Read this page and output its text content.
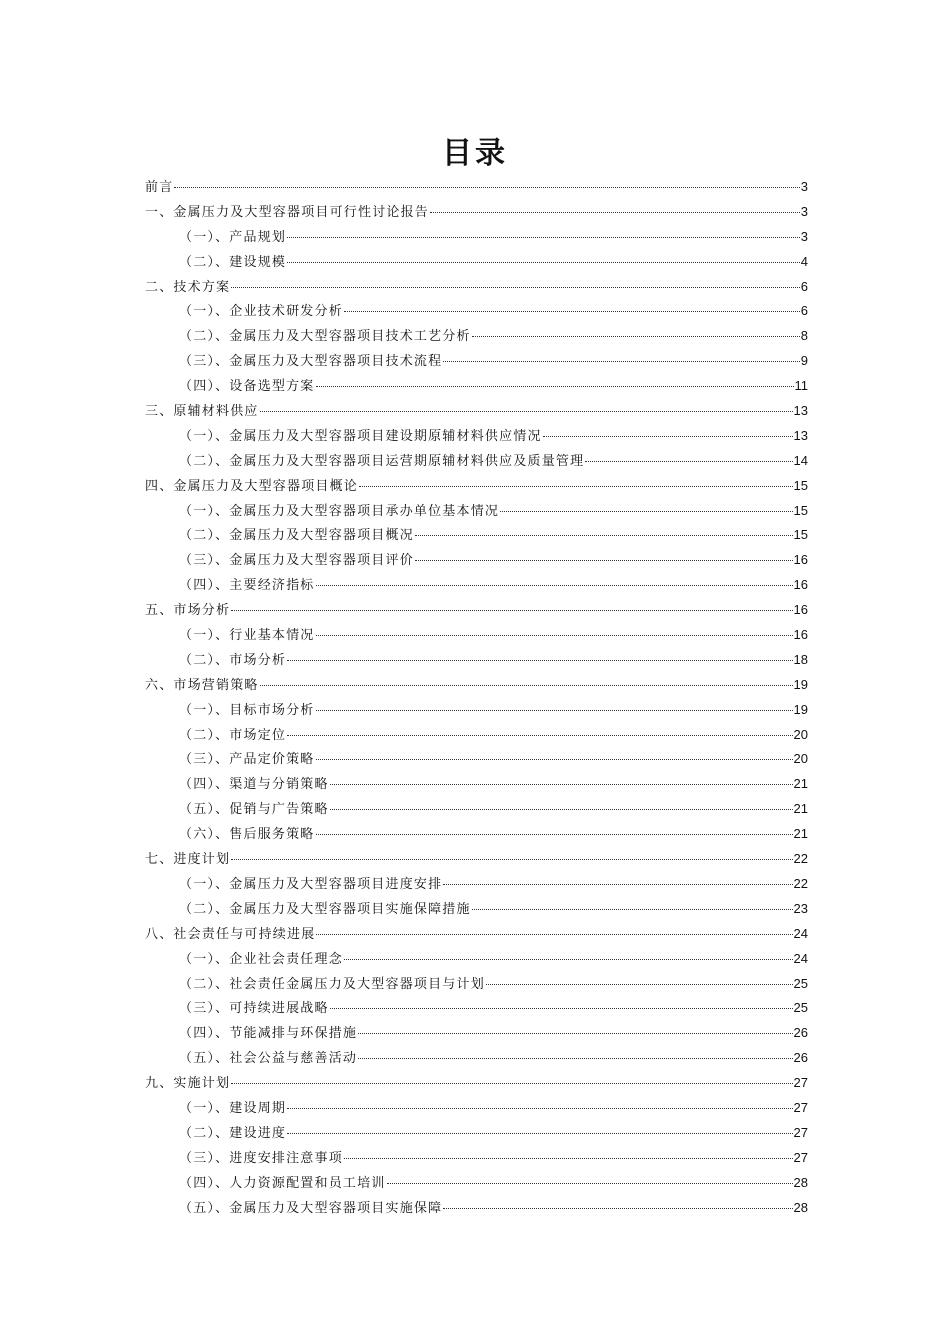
目录
前言	3
一、金属压力及大型容器项目可行性讨论报告	3
（一）、产品规划	3
（二）、建设规模	4
二、技术方案	6
（一）、企业技术研发分析	6
（二）、金属压力及大型容器项目技术工艺分析	8
（三）、金属压力及大型容器项目技术流程	9
（四）、设备选型方案	11
三、原辅材料供应	13
（一）、金属压力及大型容器项目建设期原辅材料供应情况	13
（二）、金属压力及大型容器项目运营期原辅材料供应及质量管理	14
四、金属压力及大型容器项目概论	15
（一）、金属压力及大型容器项目承办单位基本情况	15
（二）、金属压力及大型容器项目概况	15
（三）、金属压力及大型容器项目评价	16
（四）、主要经济指标	16
五、市场分析	16
（一）、行业基本情况	16
（二）、市场分析	18
六、市场营销策略	19
（一）、目标市场分析	19
（二）、市场定位	20
（三）、产品定价策略	20
（四）、渠道与分销策略	21
（五）、促销与广告策略	21
（六）、售后服务策略	21
七、进度计划	22
（一）、金属压力及大型容器项目进度安排	22
（二）、金属压力及大型容器项目实施保障措施	23
八、社会责任与可持续进展	24
（一）、企业社会责任理念	24
（二）、社会责任金属压力及大型容器项目与计划	25
（三）、可持续进展战略	25
（四）、节能减排与环保措施	26
（五）、社会公益与慈善活动	26
九、实施计划	27
（一）、建设周期	27
（二）、建设进度	27
（三）、进度安排注意事项	27
（四）、人力资源配置和员工培训	28
（五）、金属压力及大型容器项目实施保障	28
